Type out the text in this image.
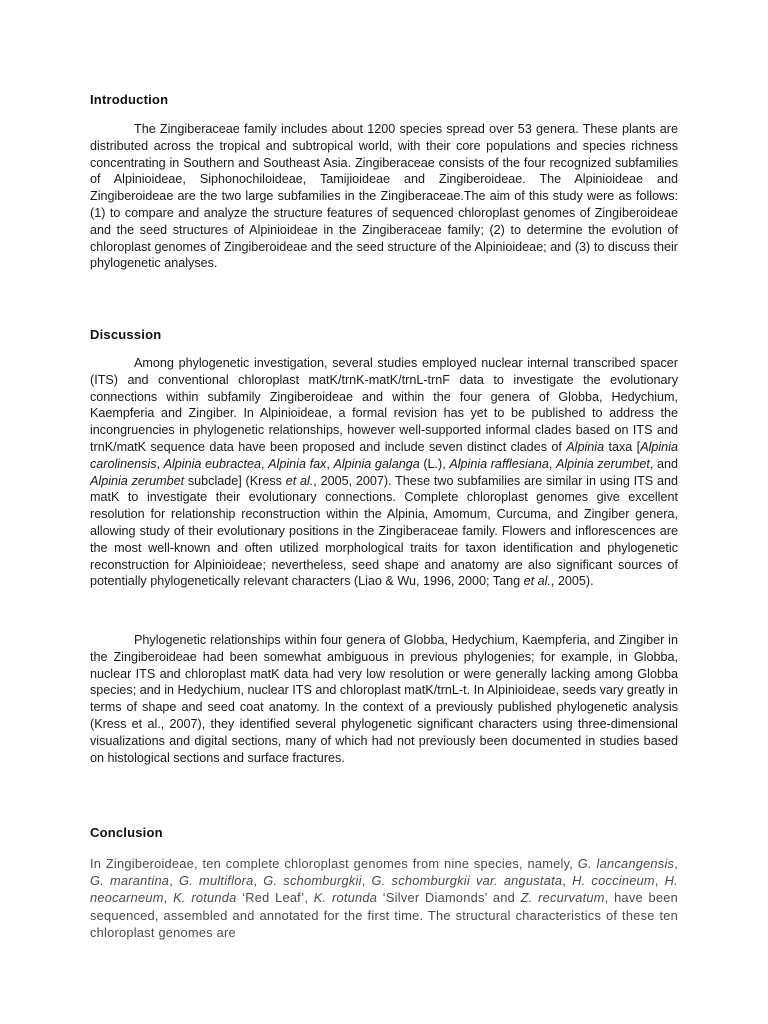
Introduction
The Zingiberaceae family includes about 1200 species spread over 53 genera. These plants are distributed across the tropical and subtropical world, with their core populations and species richness concentrating in Southern and Southeast Asia. Zingiberaceae consists of the four recognized subfamilies of Alpinioideae, Siphonochiloideae, Tamijioideae and Zingiberoideae. The Alpinioideae and Zingiberoideae are the two large subfamilies in the Zingiberaceae.The aim of this study were as follows: (1) to compare and analyze the structure features of sequenced chloroplast genomes of Zingiberoideae and the seed structures of Alpinioideae in the Zingiberaceae family; (2) to determine the evolution of chloroplast genomes of Zingiberoideae and the seed structure of the Alpinioideae; and (3) to discuss their phylogenetic analyses.
Discussion
Among phylogenetic investigation, several studies employed nuclear internal transcribed spacer (ITS) and conventional chloroplast matK/trnK-matK/trnL-trnF data to investigate the evolutionary connections within subfamily Zingiberoideae and within the four genera of Globba, Hedychium, Kaempferia and Zingiber. In Alpinioideae, a formal revision has yet to be published to address the incongruencies in phylogenetic relationships, however well-supported informal clades based on ITS and trnK/matK sequence data have been proposed and include seven distinct clades of Alpinia taxa [Alpinia carolinensis, Alpinia eubractea, Alpinia fax, Alpinia galanga (L.), Alpinia rafflesiana, Alpinia zerumbet, and Alpinia zerumbet subclade] (Kress et al., 2005, 2007). These two subfamilies are similar in using ITS and matK to investigate their evolutionary connections. Complete chloroplast genomes give excellent resolution for relationship reconstruction within the Alpinia, Amomum, Curcuma, and Zingiber genera, allowing study of their evolutionary positions in the Zingiberaceae family. Flowers and inflorescences are the most well-known and often utilized morphological traits for taxon identification and phylogenetic reconstruction for Alpinioideae; nevertheless, seed shape and anatomy are also significant sources of potentially phylogenetically relevant characters (Liao & Wu, 1996, 2000; Tang et al., 2005).
Phylogenetic relationships within four genera of Globba, Hedychium, Kaempferia, and Zingiber in the Zingiberoideae had been somewhat ambiguous in previous phylogenies; for example, in Globba, nuclear ITS and chloroplast matK data had very low resolution or were generally lacking among Globba species; and in Hedychium, nuclear ITS and chloroplast matK/trnL-t. In Alpinioideae, seeds vary greatly in terms of shape and seed coat anatomy. In the context of a previously published phylogenetic analysis (Kress et al., 2007), they identified several phylogenetic significant characters using three-dimensional visualizations and digital sections, many of which had not previously been documented in studies based on histological sections and surface fractures.
Conclusion
In Zingiberoideae, ten complete chloroplast genomes from nine species, namely, G. lancangensis, G. marantina, G. multiflora, G. schomburgkii, G. schomburgkii var. angustata, H. coccineum, H. neocarneum, K. rotunda ‘Red Leaf’, K. rotunda ‘Silver Diamonds’ and Z. recurvatum, have been sequenced, assembled and annotated for the first time. The structural characteristics of these ten chloroplast genomes are
